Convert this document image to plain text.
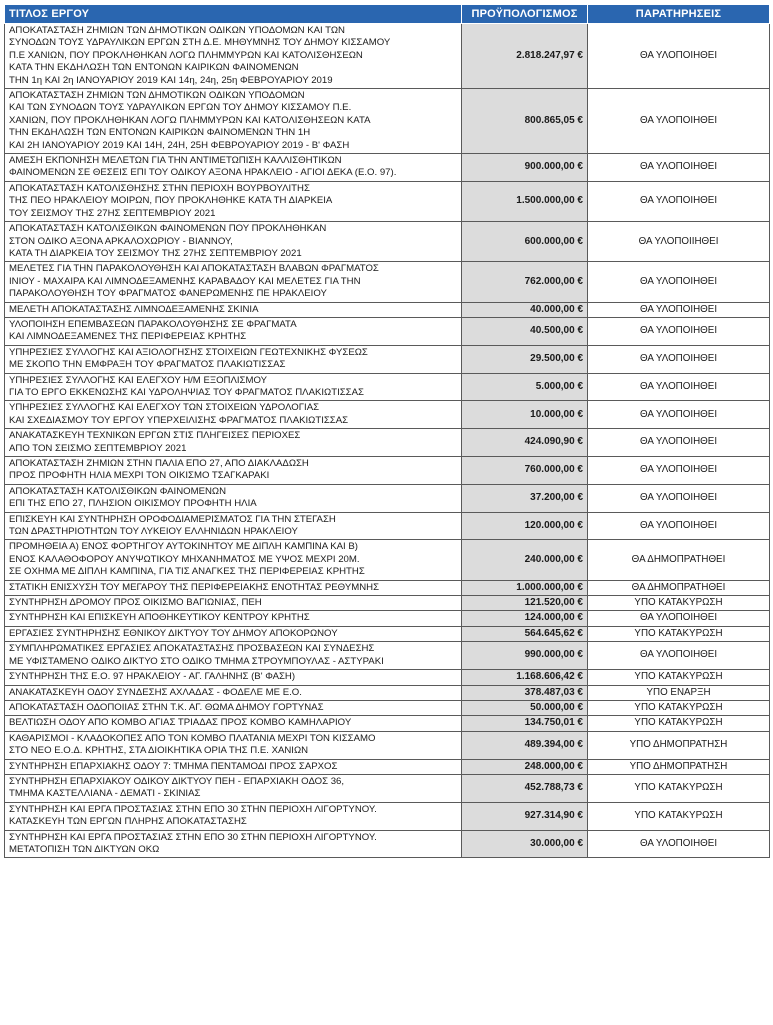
ΤΙΤΛΟΣ ΕΡΓΟΥ	ΠΡΟΫΠΟΛΟΓΙΣΜΟΣ	ΠΑΡΑΤΗΡΗΣΕΙΣ
ΑΠΟΚΑΤΑΣΤΑΣΗ ΖΗΜΙΩΝ ΤΩΝ ΔΗΜΟΤΙΚΩΝ ΟΔΙΚΩΝ ΥΠΟΔΟΜΩΝ ΚΑΙ ΤΩΝ
ΣΥΝΟΔΩΝ ΤΟΥΣ ΥΔΡΑΥΛΙΚΩΝ ΕΡΓΩΝ ΣΤΗ Δ.Ε. ΜΗΘΥΜΝΗΣ ΤΟΥ ΔΗΜΟΥ ΚΙΣΣΑΜΟΥ
Π.Ε ΧΑΝΙΩΝ, ΠΟΥ ΠΡΟΚΛΗΘΗΚΑΝ ΛΟΓΩ ΠΛΗΜΜΥΡΩΝ ΚΑΙ ΚΑΤΟΛΙΣΘΗΣΕΩΝ
ΚΑΤΑ ΤΗΝ ΕΚΔΗΛΩΣΗ ΤΩΝ ΕΝΤΟΝΩΝ ΚΑΙΡΙΚΩΝ ΦΑΙΝΟΜΕΝΩΝ
ΤΗΝ 1η ΚΑΙ 2η ΙΑΝΟΥΑΡΙΟΥ 2019 ΚΑΙ 14η, 24η, 25η ΦΕΒΡΟΥΑΡΙΟΥ 2019	2.818.247,97 €	ΘΑ ΥΛΟΠΟΙΗΘΕΙ
ΑΠΟΚΑΤΑΣΤΑΣΗ ΖΗΜΙΩΝ ΤΩΝ ΔΗΜΟΤΙΚΩΝ ΟΔΙΚΩΝ ΥΠΟΔΟΜΩΝ
ΚΑΙ ΤΩΝ ΣΥΝΟΔΩΝ ΤΟΥΣ ΥΔΡΑΥΛΙΚΩΝ ΕΡΓΩΝ ΤΟΥ ΔΗΜΟΥ ΚΙΣΣΑΜΟΥ Π.Ε.
ΧΑΝΙΩΝ, ΠΟΥ ΠΡΟΚΛΗΘΗΚΑΝ ΛΟΓΩ ΠΛΗΜΜΥΡΩΝ ΚΑΙ ΚΑΤΟΛΙΣΘΗΣΕΩΝ ΚΑΤΑ
ΤΗΝ ΕΚΔΗΛΩΣΗ ΤΩΝ ΕΝΤΟΝΩΝ ΚΑΙΡΙΚΩΝ ΦΑΙΝΟΜΕΝΩΝ ΤΗΝ 1Η
ΚΑΙ 2Η ΙΑΝΟΥΑΡΙΟΥ 2019 ΚΑΙ 14Η, 24Η, 25Η ΦΕΒΡΟΥΑΡΙΟΥ 2019 - Β' ΦΑΣΗ	800.865,05 €	ΘΑ ΥΛΟΠΟΙΗΘΕΙ
ΑΜΕΣΗ ΕΚΠΟΝΗΣΗ ΜΕΛΕΤΩΝ ΓΙΑ ΤΗΝ ΑΝΤΙΜΕΤΩΠΙΣΗ ΚΑΛΛΙΣΘΗΤΙΚΩΝ
ΦΑΙΝΟΜΕΝΩΝ ΣΕ ΘΕΣΕΙΣ ΕΠΙ ΤΟΥ ΟΔΙΚΟΥ ΑΞΟΝΑ ΗΡΑΚΛΕΙΟ - ΑΓΙΟΙ ΔΕΚΑ (Ε.Ο. 97).	900.000,00 €	ΘΑ ΥΛΟΠΟΙΗΘΕΙ
ΑΠΟΚΑΤΑΣΤΑΣΗ ΚΑΤΟΛΙΣΘΗΣΗΣ ΣΤΗΝ ΠΕΡΙΟΧΗ ΒΟΥΡΒΟΥΛΙΤΗΣ
ΤΗΣ ΠΕΟ ΗΡΑΚΛΕΙΟΥ ΜΟΙΡΩΝ, ΠΟΥ ΠΡΟΚΛΗΘΗΚΕ ΚΑΤΑ ΤΗ ΔΙΑΡΚΕΙΑ
ΤΟΥ ΣΕΙΣΜΟΥ ΤΗΣ 27ΗΣ ΣΕΠΤΕΜΒΡΙΟΥ 2021	1.500.000,00 €	ΘΑ ΥΛΟΠΟΙΗΘΕΙ
ΑΠΟΚΑΤΑΣΤΑΣΗ ΚΑΤΟΛΙΣΘΙΚΩΝ ΦΑΙΝΟΜΕΝΩΝ ΠΟΥ ΠΡΟΚΛΗΘΗΚΑΝ
ΣΤΟΝ ΟΔΙΚΟ ΑΞΟΝΑ ΑΡΚΑΛΟΧΩΡΙΟΥ - ΒΙΑΝΝΟΥ,
ΚΑΤΑ ΤΗ ΔΙΑΡΚΕΙΑ ΤΟΥ ΣΕΙΣΜΟΥ ΤΗΣ 27ΗΣ ΣΕΠΤΕΜΒΡΙΟΥ 2021	600.000,00 €	ΘΑ ΥΛΟΠΟΙΙΗΘΕΙ
ΜΕΛΕΤΕΣ ΓΙΑ ΤΗΝ ΠΑΡΑΚΟΛΟΥΘΗΣΗ ΚΑΙ ΑΠΟΚΑΤΑΣΤΑΣΗ ΒΛΑΒΩΝ ΦΡΑΓΜΑΤΟΣ
ΙΝΙΟΥ - ΜΑΧΑΙΡΑ ΚΑΙ ΛΙΜΝΟΔΕΞΑΜΕΝΗΣ ΚΑΡΑΒΑΔΟΥ ΚΑΙ ΜΕΛΕΤΕΣ ΓΙΑ ΤΗΝ
ΠΑΡΑΚΟΛΟΥΘΗΣΗ ΤΟΥ ΦΡΑΓΜΑΤΟΣ ΦΑΝΕΡΩΜΕΝΗΣ ΠΕ ΗΡΑΚΛΕΙΟΥ	762.000,00 €	ΘΑ ΥΛΟΠΟΙΗΘΕΙ
ΜΕΛΕΤΗ ΑΠΟΚΑΤΑΣΤΑΣΗΣ ΛΙΜΝΟΔΕΞΑΜΕΝΗΣ ΣΚΙΝΙΑ	40.000,00 €	ΘΑ ΥΛΟΠΟΙΗΘΕΙ
ΥΛΟΠΟΙΗΣΗ ΕΠΕΜΒΑΣΕΩΝ ΠΑΡΑΚΟΛΟΥΘΗΣΗΣ ΣΕ ΦΡΑΓΜΑΤΑ
ΚΑΙ ΛΙΜΝΟΔΕΞΑΜΕΝΕΣ ΤΗΣ ΠΕΡΙΦΕΡΕΙΑΣ ΚΡΗΤΗΣ	40.500,00 €	ΘΑ ΥΛΟΠΟΙΗΘΕΙ
ΥΠΗΡΕΣΙΕΣ ΣΥΛΛΟΓΗΣ ΚΑΙ ΑΞΙΟΛΟΓΗΣΗΣ ΣΤΟΙΧΕΙΩΝ ΓΕΩΤΕΧΝΙΚΗΣ ΦΥΣΕΩΣ
ΜΕ ΣΚΟΠΟ ΤΗΝ ΕΜΦΡΑΞΗ ΤΟΥ ΦΡΑΓΜΑΤΟΣ ΠΛΑΚΙΩΤΙΣΣΑΣ	29.500,00 €	ΘΑ ΥΛΟΠΟΙΗΘΕΙ
ΥΠΗΡΕΣΙΕΣ ΣΥΛΛΟΓΗΣ ΚΑΙ ΕΛΕΓΧΟΥ Η/Μ ΕΞΟΠΛΙΣΜΟΥ
ΓΙΑ ΤΟ ΕΡΓΟ ΕΚΚΕΝΩΣΗΣ ΚΑΙ ΥΔΡΟΛΗΨΙΑΣ ΤΟΥ ΦΡΑΓΜΑΤΟΣ ΠΛΑΚΙΩΤΙΣΣΑΣ	5.000,00 €	ΘΑ ΥΛΟΠΟΙΗΘΕΙ
ΥΠΗΡΕΣΙΕΣ ΣΥΛΛΟΓΗΣ ΚΑΙ ΕΛΕΓΧΟΥ ΤΩΝ ΣΤΟΙΧΕΙΩΝ ΥΔΡΟΛΟΓΙΑΣ
ΚΑΙ ΣΧΕΔΙΑΣΜΟΥ ΤΟΥ ΕΡΓΟΥ ΥΠΕΡΧΕΙΛΙΣΗΣ ΦΡΑΓΜΑΤΟΣ ΠΛΑΚΙΩΤΙΣΣΑΣ	10.000,00 €	ΘΑ ΥΛΟΠΟΙΗΘΕΙ
ΑΝΑΚΑΤΑΣΚΕΥΗ ΤΕΧΝΙΚΩΝ ΕΡΓΩΝ ΣΤΙΣ ΠΛΗΓΕΙΣΕΣ ΠΕΡΙΟΧΕΣ
ΑΠΟ ΤΟΝ ΣΕΙΣΜΟ ΣΕΠΤΕΜΒΡΙΟΥ 2021	424.090,90 €	ΘΑ ΥΛΟΠΟΙΗΘΕΙ
ΑΠΟΚΑΤΑΣΤΑΣΗ ΖΗΜΙΩΝ ΣΤΗΝ ΠΑΛΙΑ ΕΠΟ 27, ΑΠΟ ΔΙΑΚΛΑΔΩΣΗ
ΠΡΟΣ ΠΡΟΦΗΤΗ ΗΛΙΑ ΜΕΧΡΙ ΤΟΝ ΟΙΚΙΣΜΟ ΤΣΑΓΚΑΡΑΚΙ	760.000,00 €	ΘΑ ΥΛΟΠΟΙΗΘΕΙ
ΑΠΟΚΑΤΑΣΤΑΣΗ ΚΑΤΟΛΙΣΘΙΚΩΝ ΦΑΙΝΟΜΕΝΩΝ
ΕΠΙ ΤΗΣ ΕΠΟ 27, ΠΛΗΣΙΟΝ ΟΙΚΙΣΜΟΥ ΠΡΟΦΗΤΗ ΗΛΙΑ	37.200,00 €	ΘΑ ΥΛΟΠΟΙΗΘΕΙ
ΕΠΙΣΚΕΥΗ ΚΑΙ ΣΥΝΤΗΡΗΣΗ ΟΡΟΦΟΔΙΑΜΕΡΙΣΜΑΤΟΣ ΓΙΑ ΤΗΝ ΣΤΕΓΑΣΗ
ΤΩΝ ΔΡΑΣΤΗΡΙΟΤΗΤΩΝ ΤΟΥ ΛΥΚΕΙΟΥ ΕΛΛΗΝΙΔΩΝ ΗΡΑΚΛΕΙΟΥ	120.000,00 €	ΘΑ ΥΛΟΠΟΙΗΘΕΙ
ΠΡΟΜΗΘΕΙΑ Α) ΕΝΟΣ ΦΟΡΤΗΓΟΥ ΑΥΤΟΚΙΝΗΤΟΥ ΜΕ ΔΙΠΛΗ ΚΑΜΠΙΝΑ ΚΑΙ Β)
ΕΝΟΣ ΚΑΛΑΘΟΦΟΡΟΥ ΑΝΥΨΩΤΙΚΟΥ ΜΗΧΑΝΗΜΑΤΟΣ ΜΕ ΥΨΟΣ ΜΕΧΡΙ 20Μ.
ΣΕ ΟΧΗΜΑ ΜΕ ΔΙΠΛΗ ΚΑΜΠΙΝΑ, ΓΙΑ ΤΙΣ ΑΝΑΓΚΕΣ ΤΗΣ ΠΕΡΙΦΕΡΕΙΑΣ ΚΡΗΤΗΣ	240.000,00 €	ΘΑ ΔΗΜΟΠΡΑΤΗΘΕΙ
ΣΤΑΤΙΚΗ ΕΝΙΣΧΥΣΗ ΤΟΥ ΜΕΓΑΡΟΥ ΤΗΣ ΠΕΡΙΦΕΡΕΙΑΚΗΣ ΕΝΟΤΗΤΑΣ ΡΕΘΥΜΝΗΣ	1.000.000,00 €	ΘΑ ΔΗΜΟΠΡΑΤΗΘΕΙ
ΣΥΝΤΗΡΗΣΗ ΔΡΟΜΟΥ ΠΡΟΣ ΟΙΚΙΣΜΟ ΒΑΓΙΩΝΙΑΣ, ΠΕΗ	121.520,00 €	ΥΠΟ ΚΑΤΑΚΥΡΩΣΗ
ΣΥΝΤΗΡΗΣΗ ΚΑΙ ΕΠΙΣΚΕΥΗ ΑΠΟΘΗΚΕΥΤΙΚΟΥ ΚΕΝΤΡΟΥ ΚΡΗΤΗΣ	124.000,00 €	ΘΑ ΥΛΟΠΟΙΗΘΕΙ
ΕΡΓΑΣΙΕΣ ΣΥΝΤΗΡΗΣΗΣ ΕΘΝΙΚΟΥ ΔΙΚΤΥΟΥ ΤΟΥ ΔΗΜΟΥ ΑΠΟΚΟΡΩΝΟΥ	564.645,62 €	ΥΠΟ ΚΑΤΑΚΥΡΩΣΗ
ΣΥΜΠΛΗΡΩΜΑΤΙΚΕΣ ΕΡΓΑΣΙΕΣ ΑΠΟΚΑΤΑΣΤΑΣΗΣ ΠΡΟΣΒΑΣΕΩΝ ΚΑΙ ΣΥΝΔΕΣΗΣ
ΜΕ ΥΦΙΣΤΑΜΕΝΟ ΟΔΙΚΟ ΔΙΚΤΥΟ ΣΤΟ ΟΔΙΚΟ ΤΜΗΜΑ ΣΤΡΟΥΜΠΟΥΛΑΣ - ΑΣΤΥΡΑΚΙ	990.000,00 €	ΘΑ ΥΛΟΠΟΙΗΘΕΙ
ΣΥΝΤΗΡΗΣΗ ΤΗΣ Ε.Ο. 97 ΗΡΑΚΛΕΙΟΥ - ΑΓ. ΓΑΛΗΝΗΣ (Β' ΦΑΣΗ)	1.168.606,42 €	ΥΠΟ ΚΑΤΑΚΥΡΩΣΗ
ΑΝΑΚΑΤΑΣΚΕΥΗ ΟΔΟΥ ΣΥΝΔΕΣΗΣ ΑΧΛΑΔΑΣ - ΦΟΔΕΛΕ ΜΕ Ε.Ο.	378.487,03 €	ΥΠΟ ΕΝΑΡΞΗ
ΑΠΟΚΑΤΑΣΤΑΣΗ ΟΔΟΠΟΙΙΑΣ ΣΤΗΝ Τ.Κ. ΑΓ. ΘΩΜΑ ΔΗΜΟΥ ΓΟΡΤΥΝΑΣ	50.000,00 €	ΥΠΟ ΚΑΤΑΚΥΡΩΣΗ
ΒΕΛΤΙΩΣΗ ΟΔΟΥ ΑΠΟ ΚΟΜΒΟ ΑΓΙΑΣ ΤΡΙΑΔΑΣ ΠΡΟΣ ΚΟΜΒΟ ΚΑΜΗΛΑΡΙΟΥ	134.750,01 €	ΥΠΟ ΚΑΤΑΚΥΡΩΣΗ
ΚΑΘΑΡΙΣΜΟΙ - ΚΛΑΔΟΚΟΠΕΣ ΑΠΟ ΤΟΝ ΚΟΜΒΟ ΠΛΑΤΑΝΙΑ ΜΕΧΡΙ ΤΟΝ ΚΙΣΣΑΜΟ
ΣΤΟ ΝΕΟ Ε.Ο.Δ. ΚΡΗΤΗΣ, ΣΤΑ ΔΙΟΙΚΗΤΙΚΑ ΟΡΙΑ ΤΗΣ Π.Ε. ΧΑΝΙΩΝ	489.394,00 €	ΥΠΟ ΔΗΜΟΠΡΑΤΗΣΗ
ΣΥΝΤΗΡΗΣΗ ΕΠΑΡΧΙΑΚΗΣ ΟΔΟΥ 7: ΤΜΗΜΑ ΠΕΝΤΑΜΟΔΙ ΠΡΟΣ ΣΑΡΧΟΣ	248.000,00 €	ΥΠΟ ΔΗΜΟΠΡΑΤΗΣΗ
ΣΥΝΤΗΡΗΣΗ ΕΠΑΡΧΙΑΚΟΥ ΟΔΙΚΟΥ ΔΙΚΤΥΟΥ ΠΕΗ - ΕΠΑΡΧΙΑΚΗ ΟΔΟΣ 36,
ΤΜΗΜΑ ΚΑΣΤΕΛΛΙΑΝΑ - ΔΕΜΑΤΙ - ΣΚΙΝΙΑΣ	452.788,73 €	ΥΠΟ ΚΑΤΑΚΥΡΩΣΗ
ΣΥΝΤΗΡΗΣΗ ΚΑΙ ΕΡΓΑ ΠΡΟΣΤΑΣΙΑΣ ΣΤΗΝ ΕΠΟ 30 ΣΤΗΝ ΠΕΡΙΟΧΗ ΛΙΓΟΡΤΥΝΟΥ.
ΚΑΤΑΣΚΕΥΗ ΤΩΝ ΕΡΓΩΝ ΠΛΗΡΗΣ ΑΠΟΚΑΤΑΣΤΑΣΗΣ	927.314,90 €	ΥΠΟ ΚΑΤΑΚΥΡΩΣΗ
ΣΥΝΤΗΡΗΣΗ ΚΑΙ ΕΡΓΑ ΠΡΟΣΤΑΣΙΑΣ ΣΤΗΝ ΕΠΟ 30 ΣΤΗΝ ΠΕΡΙΟΧΗ ΛΙΓΟΡΤΥΝΟΥ.
ΜΕΤΑΤΟΠΙΣΗ ΤΩΝ ΔΙΚΤΥΩΝ ΟΚΩ	30.000,00 €	ΘΑ ΥΛΟΠΟΙΗΘΕΙ
